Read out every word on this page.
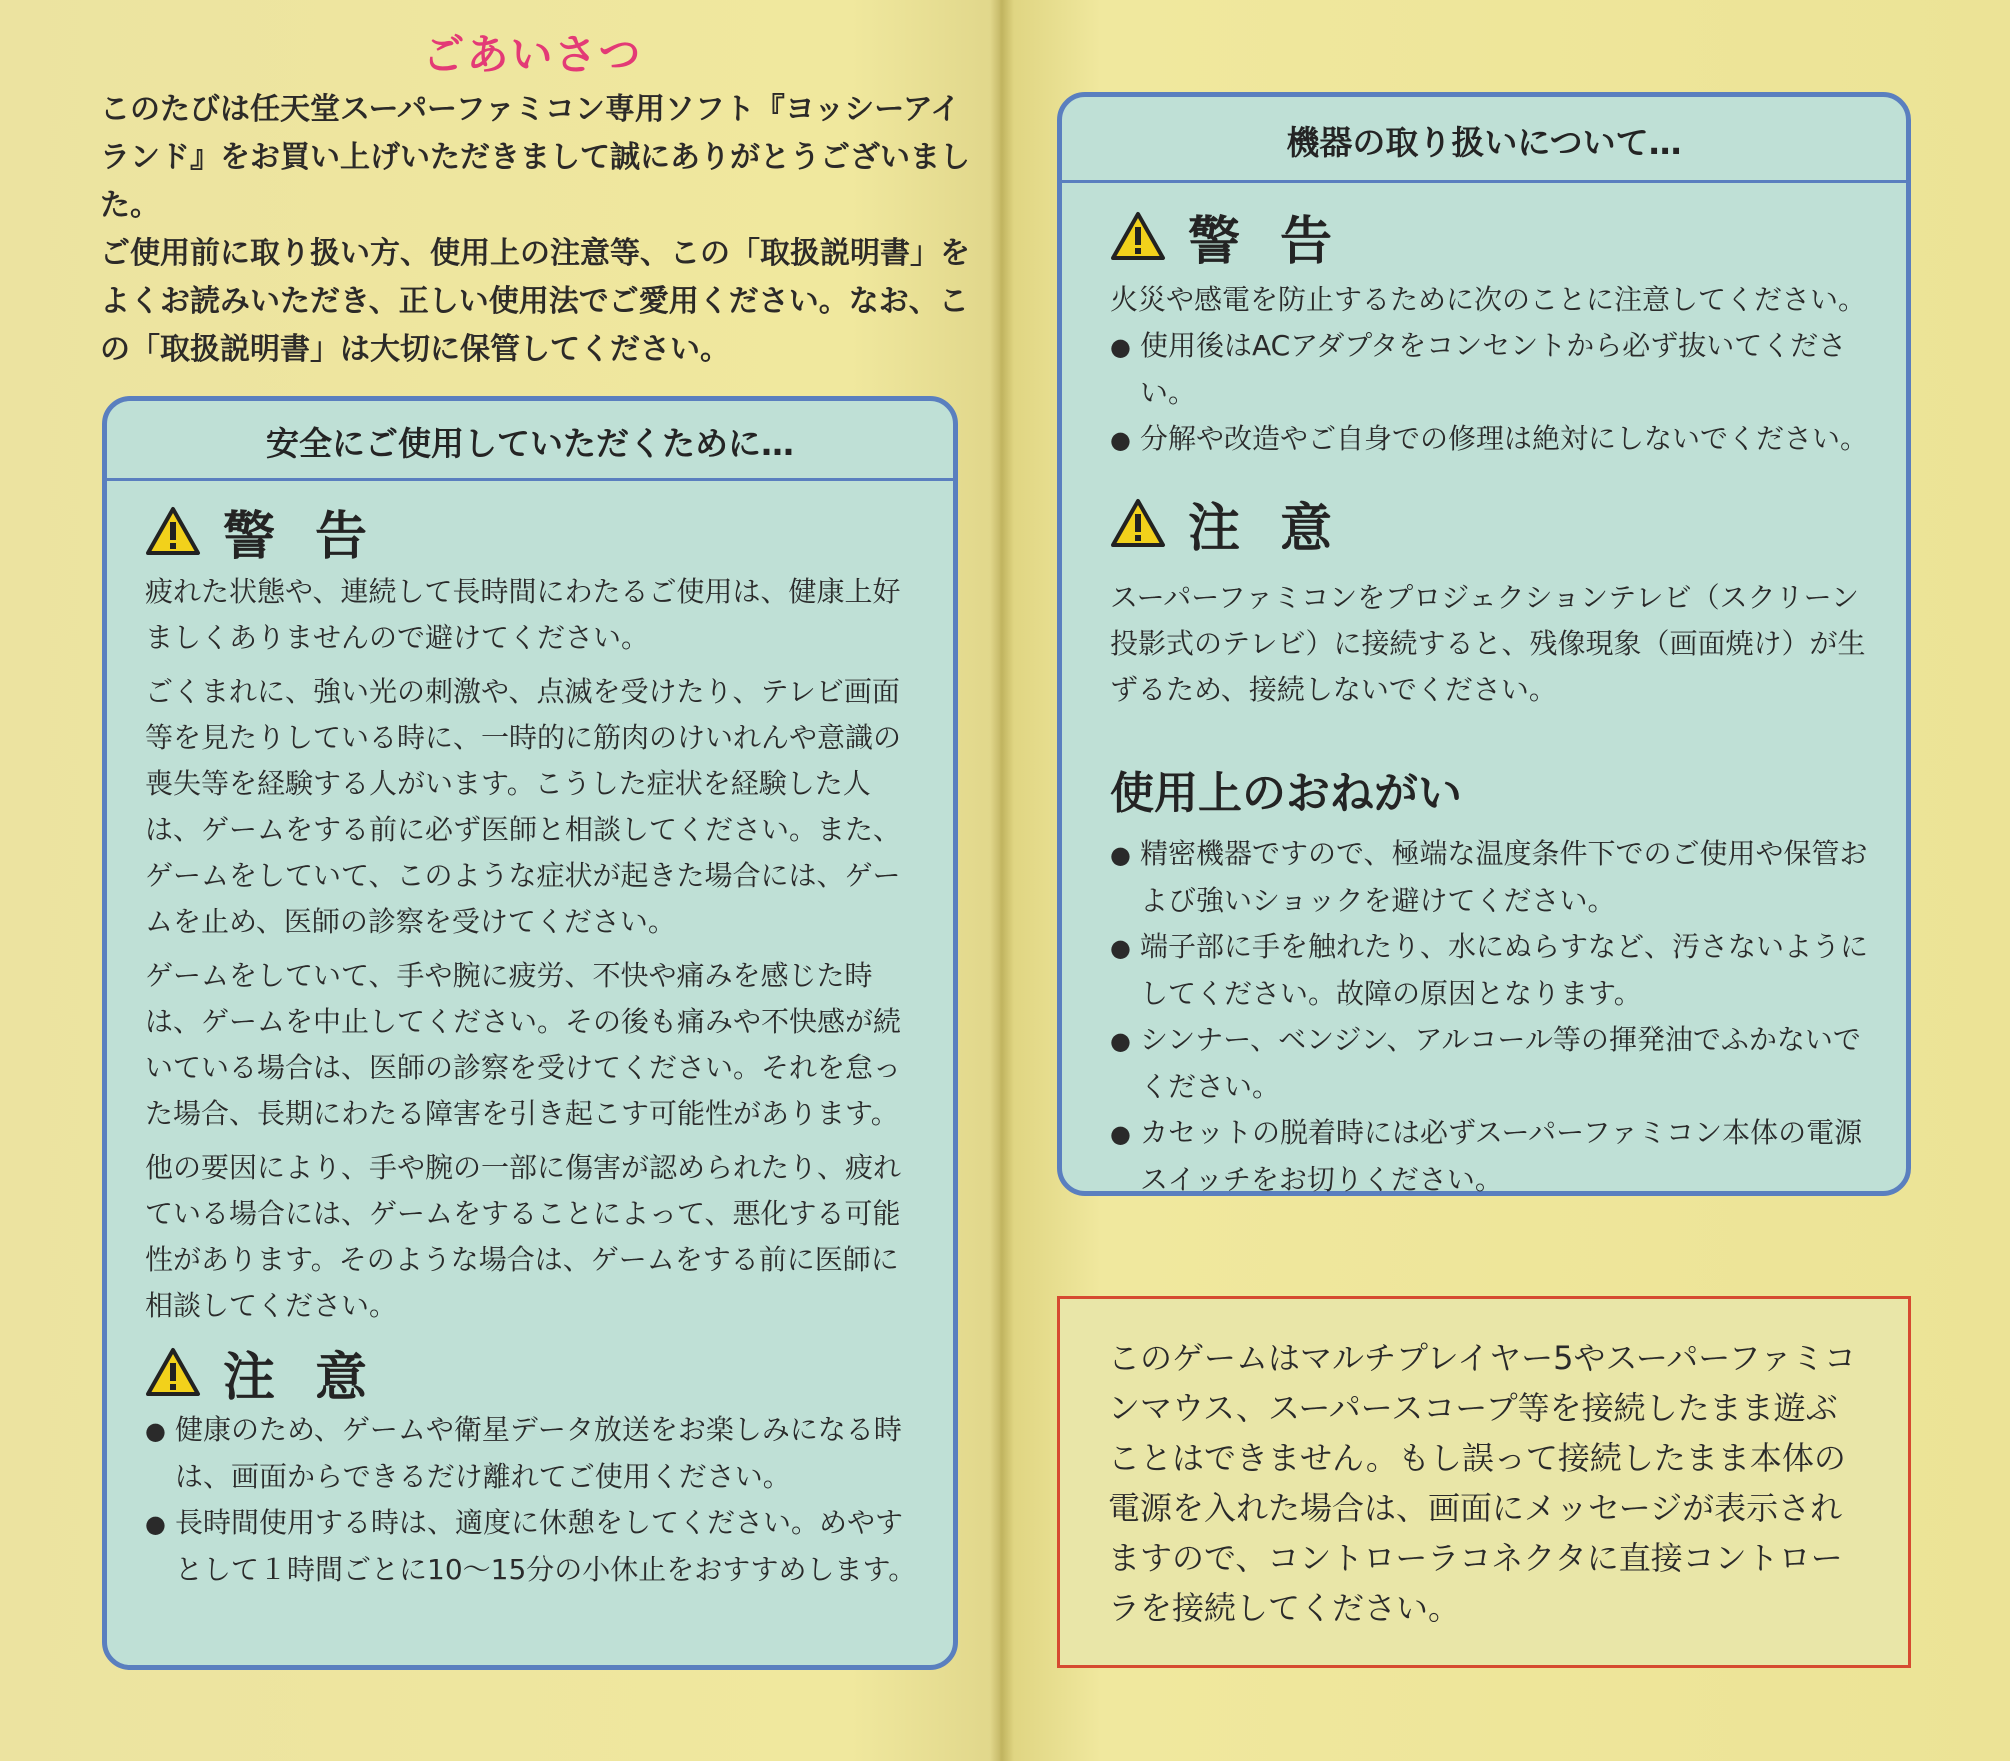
ごあいさつ

このたびは任天堂スーパーファミコン専用ソフト『ヨッシーアイランド』をお買い上げいただきまして誠にありがとうございました。

ご使用前に取り扱い方、使用上の注意等、この「取扱説明書」をよくお読みいただき、正しい使用法でご愛用ください。なお、この「取扱説明書」は大切に保管してください。

安全にご使用していただくために…
警告

疲れた状態や、連続して長時間にわたるご使用は、健康上好ましくありませんので避けてください。

ごくまれに、強い光の刺激や、点滅を受けたり、テレビ画面等を見たりしている時に、一時的に筋肉のけいれんや意識の喪失等を経験する人がいます。こうした症状を経験した人は、ゲームをする前に必ず医師と相談してください。また、ゲームをしていて、このような症状が起きた場合には、ゲームを止め、医師の診察を受けてください。

ゲームをしていて、手や腕に疲労、不快や痛みを感じた時は、ゲームを中止してください。その後も痛みや不快感が続いている場合は、医師の診察を受けてください。それを怠った場合、長期にわたる障害を引き起こす可能性があります。

他の要因により、手や腕の一部に傷害が認められたり、疲れている場合には、ゲームをすることによって、悪化する可能性があります。そのような場合は、ゲームをする前に医師に相談してください。

注意
● 健康のため、ゲームや衛星データ放送をお楽しみになる時は、画面からできるだけ離れてご使用ください。
● 長時間使用する時は、適度に休憩をしてください。めやすとして１時間ごとに10〜15分の小休止をおすすめします。
機器の取り扱いについて…
警告

火災や感電を防止するために次のことに注意してください。

● 使用後はACアダプタをコンセントから必ず抜いてください。
● 分解や改造やご自身での修理は絶対にしないでください。
注意

スーパーファミコンをプロジェクションテレビ（スクリーン投影式のテレビ）に接続すると、残像現象（画面焼け）が生ずるため、接続しないでください。

使用上のおねがい
● 精密機器ですので、極端な温度条件下でのご使用や保管および強いショックを避けてください。
● 端子部に手を触れたり、水にぬらすなど、汚さないようにしてください。故障の原因となります。
● シンナー、ベンジン、アルコール等の揮発油でふかないでください。
● カセットの脱着時には必ずスーパーファミコン本体の電源スイッチをお切りください。

このゲームはマルチプレイヤー5やスーパーファミコンマウス、スーパースコープ等を接続したまま遊ぶことはできません。もし誤って接続したまま本体の電源を入れた場合は、画面にメッセージが表示されますので、コントローラコネクタに直接コントローラを接続してください。
